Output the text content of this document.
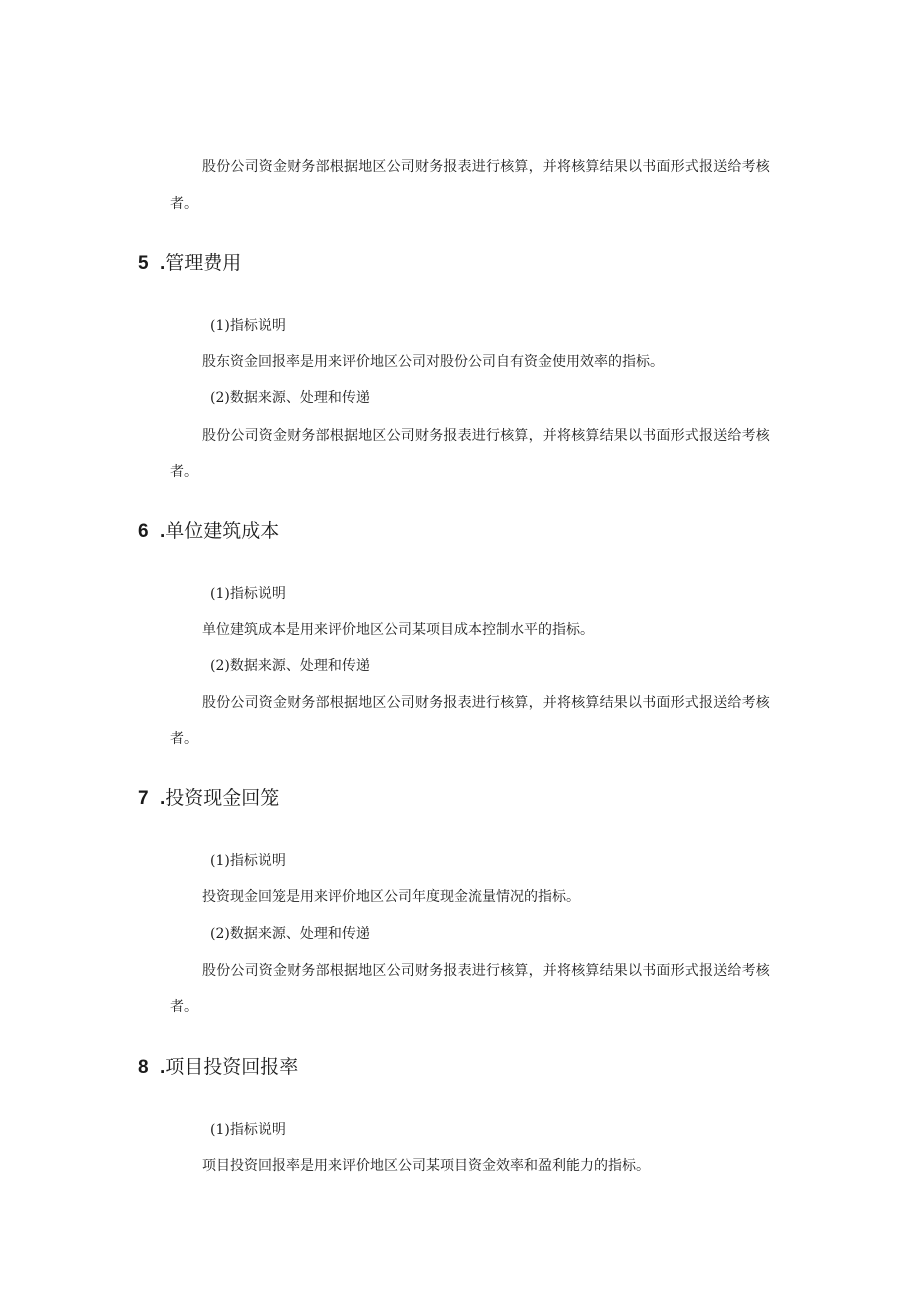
股份公司资金财务部根据地区公司财务报表进行核算，并将核算结果以书面形式报送给考核
者。
5 .管理费用
(1)指标说明
股东资金回报率是用来评价地区公司对股份公司自有资金使用效率的指标。
(2)数据来源、处理和传递
股份公司资金财务部根据地区公司财务报表进行核算，并将核算结果以书面形式报送给考核
者。
6 .单位建筑成本
(1)指标说明
单位建筑成本是用来评价地区公司某项目成本控制水平的指标。
(2)数据来源、处理和传递
股份公司资金财务部根据地区公司财务报表进行核算，并将核算结果以书面形式报送给考核
者。
7 .投资现金回笼
(1)指标说明
投资现金回笼是用来评价地区公司年度现金流量情况的指标。
(2)数据来源、处理和传递
股份公司资金财务部根据地区公司财务报表进行核算，并将核算结果以书面形式报送给考核
者。
8 .项目投资回报率
(1)指标说明
项目投资回报率是用来评价地区公司某项目资金效率和盈利能力的指标。
